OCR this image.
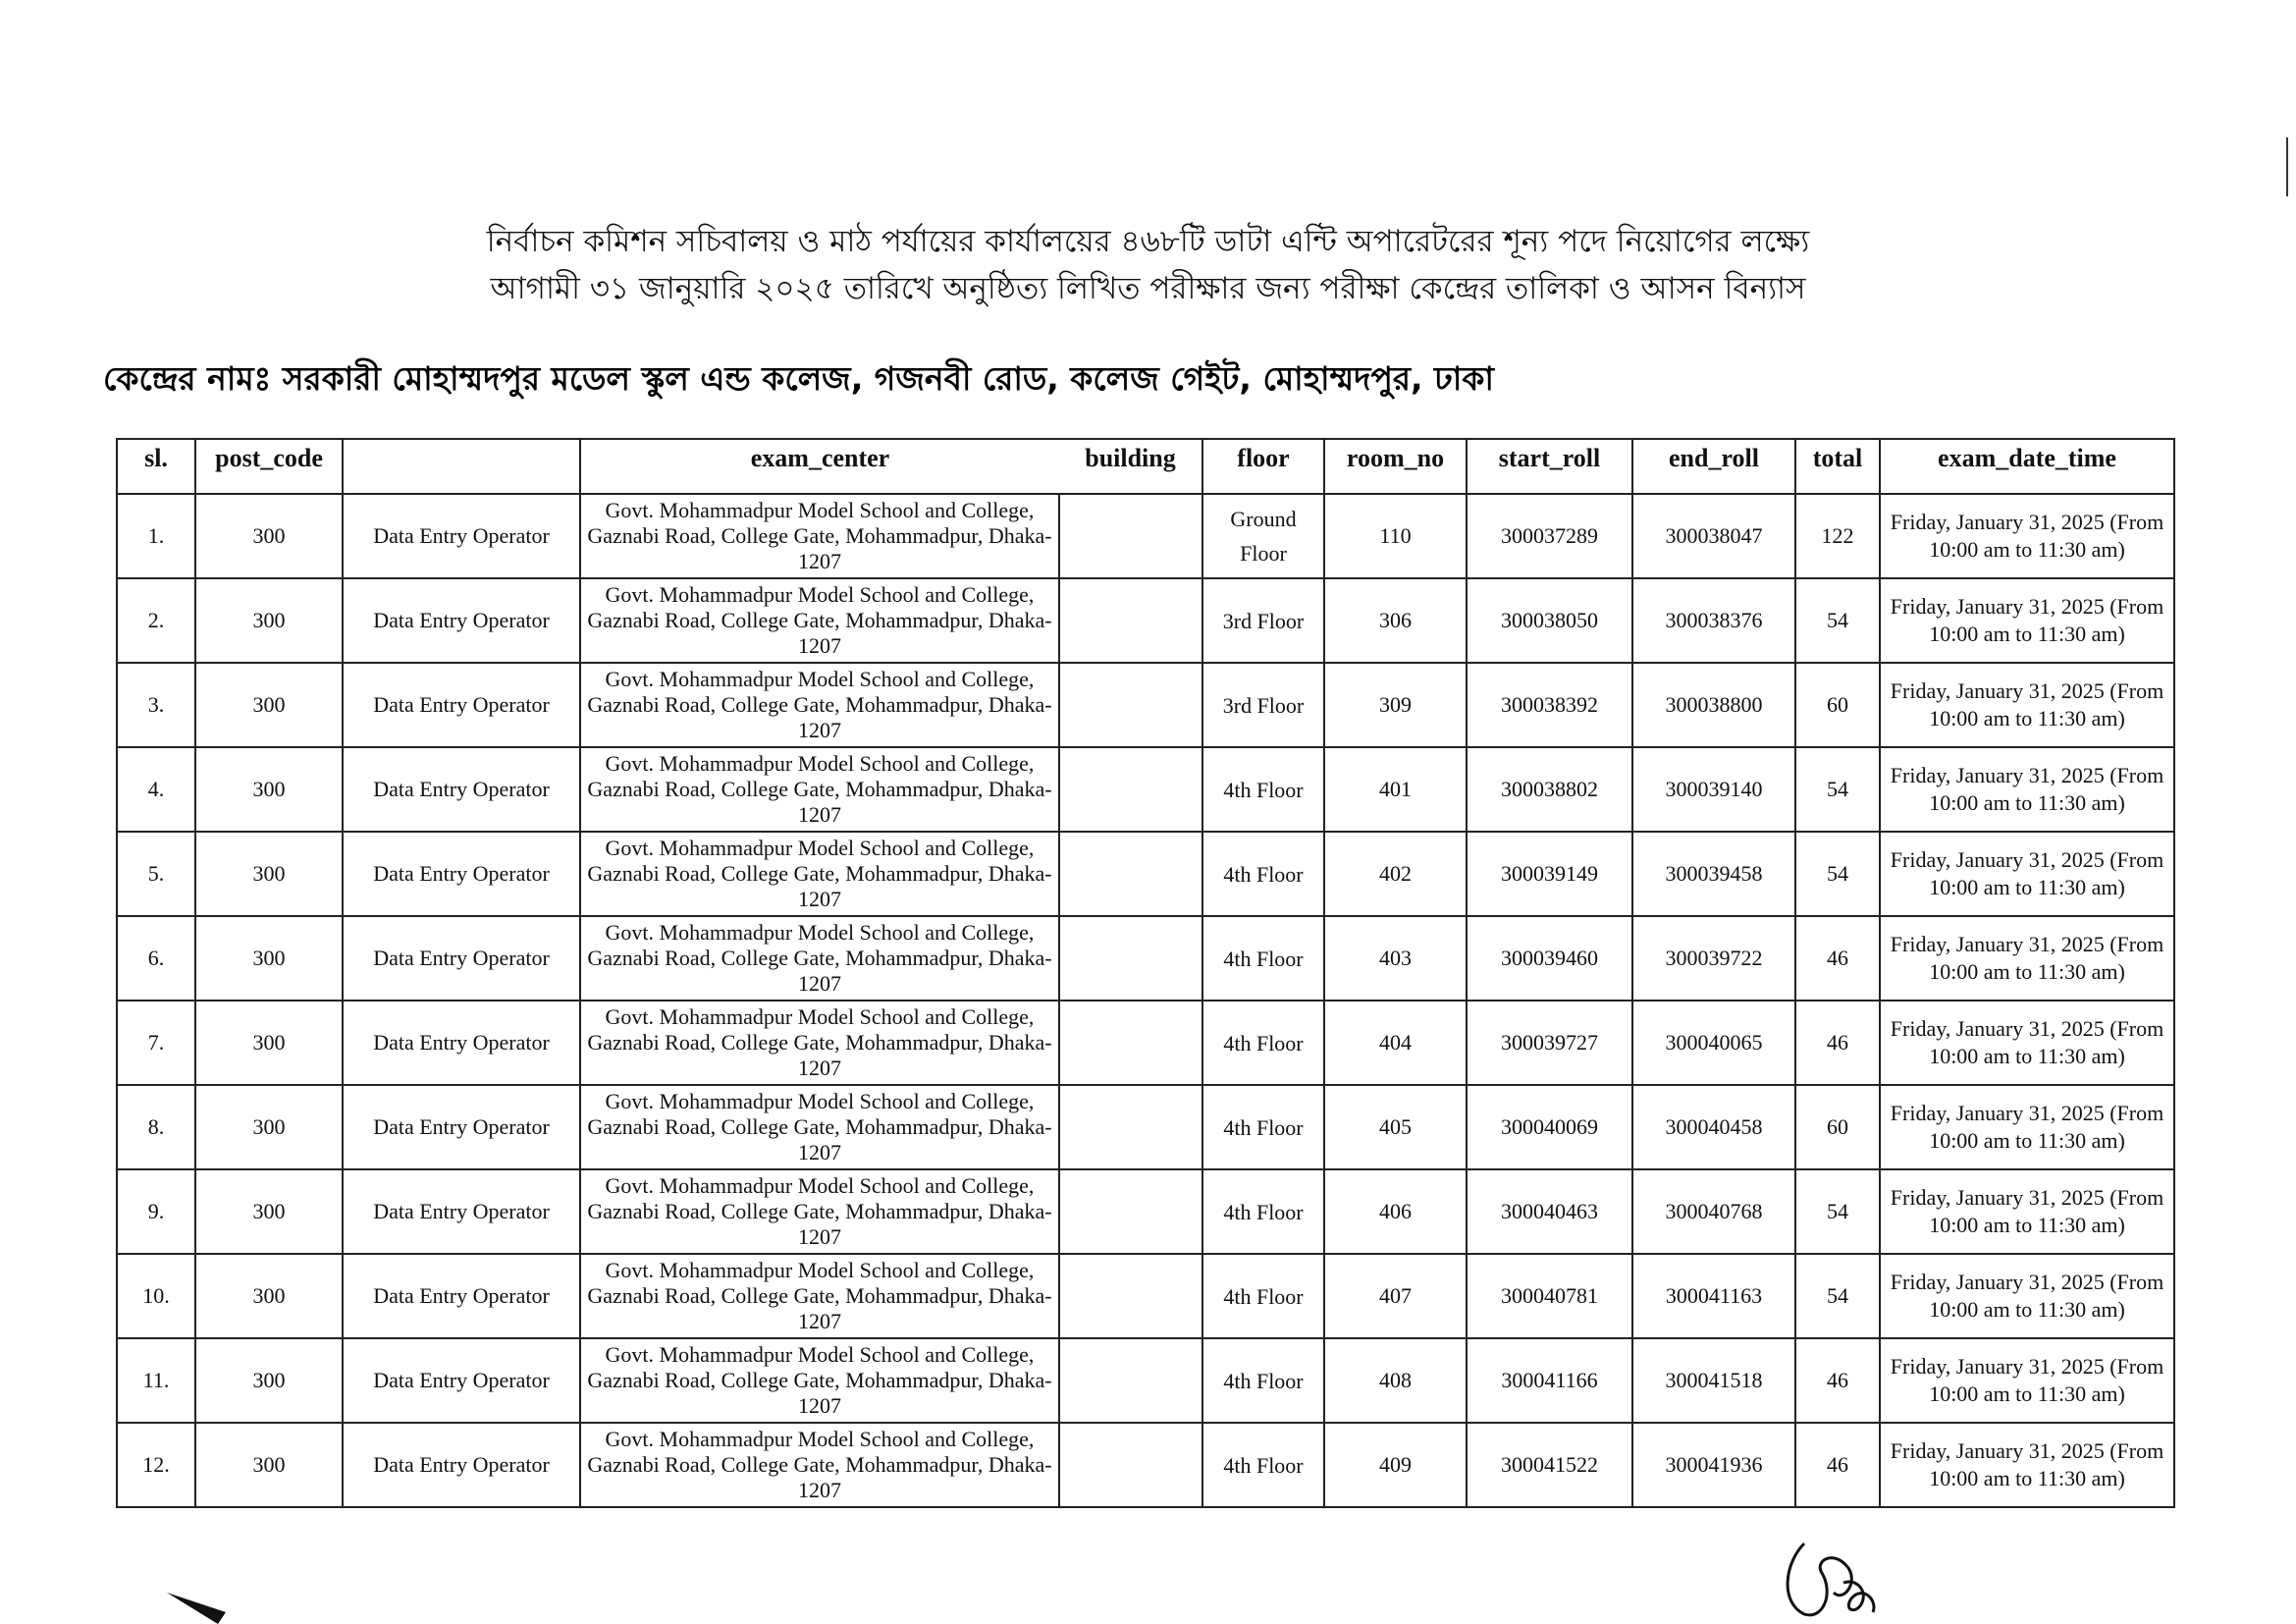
নির্বাচন কমিশন সচিবালয় ও মাঠ পর্যায়ের কার্যালয়ের ৪৬৮টি ডাটা এন্টি অপারেটরের শূন্য পদে নিয়োগের লক্ষ্যে
আগামী ৩১ জানুয়ারি ২০২৫ তারিখে অনুষ্ঠিত্য লিখিত পরীক্ষার জন্য পরীক্ষা কেন্দ্রের তালিকা ও আসন বিন্যাস
কেন্দ্রের নামঃ সরকারী মোহাম্মদপুর মডেল স্কুল এন্ড কলেজ, গজনবী রোড, কলেজ গেইট, মোহাম্মদপুর, ঢাকা
sl.	post_code		exam_center	building	floor	room_no	start_roll	end_roll	total	exam_date_time
1.	300	Data Entry Operator	Govt. Mohammadpur Model School and College, Gaznabi Road, College Gate, Mohammadpur, Dhaka-1207		Ground Floor	110	300037289	300038047	122	Friday, January 31, 2025 (From 10:00 am to 11:30 am)
2.	300	Data Entry Operator	Govt. Mohammadpur Model School and College, Gaznabi Road, College Gate, Mohammadpur, Dhaka-1207		3rd Floor	306	300038050	300038376	54	Friday, January 31, 2025 (From 10:00 am to 11:30 am)
3.	300	Data Entry Operator	Govt. Mohammadpur Model School and College, Gaznabi Road, College Gate, Mohammadpur, Dhaka-1207		3rd Floor	309	300038392	300038800	60	Friday, January 31, 2025 (From 10:00 am to 11:30 am)
4.	300	Data Entry Operator	Govt. Mohammadpur Model School and College, Gaznabi Road, College Gate, Mohammadpur, Dhaka-1207		4th Floor	401	300038802	300039140	54	Friday, January 31, 2025 (From 10:00 am to 11:30 am)
5.	300	Data Entry Operator	Govt. Mohammadpur Model School and College, Gaznabi Road, College Gate, Mohammadpur, Dhaka-1207		4th Floor	402	300039149	300039458	54	Friday, January 31, 2025 (From 10:00 am to 11:30 am)
6.	300	Data Entry Operator	Govt. Mohammadpur Model School and College, Gaznabi Road, College Gate, Mohammadpur, Dhaka-1207		4th Floor	403	300039460	300039722	46	Friday, January 31, 2025 (From 10:00 am to 11:30 am)
7.	300	Data Entry Operator	Govt. Mohammadpur Model School and College, Gaznabi Road, College Gate, Mohammadpur, Dhaka-1207		4th Floor	404	300039727	300040065	46	Friday, January 31, 2025 (From 10:00 am to 11:30 am)
8.	300	Data Entry Operator	Govt. Mohammadpur Model School and College, Gaznabi Road, College Gate, Mohammadpur, Dhaka-1207		4th Floor	405	300040069	300040458	60	Friday, January 31, 2025 (From 10:00 am to 11:30 am)
9.	300	Data Entry Operator	Govt. Mohammadpur Model School and College, Gaznabi Road, College Gate, Mohammadpur, Dhaka-1207		4th Floor	406	300040463	300040768	54	Friday, January 31, 2025 (From 10:00 am to 11:30 am)
10.	300	Data Entry Operator	Govt. Mohammadpur Model School and College, Gaznabi Road, College Gate, Mohammadpur, Dhaka-1207		4th Floor	407	300040781	300041163	54	Friday, January 31, 2025 (From 10:00 am to 11:30 am)
11.	300	Data Entry Operator	Govt. Mohammadpur Model School and College, Gaznabi Road, College Gate, Mohammadpur, Dhaka-1207		4th Floor	408	300041166	300041518	46	Friday, January 31, 2025 (From 10:00 am to 11:30 am)
12.	300	Data Entry Operator	Govt. Mohammadpur Model School and College, Gaznabi Road, College Gate, Mohammadpur, Dhaka-1207		4th Floor	409	300041522	300041936	46	Friday, January 31, 2025 (From 10:00 am to 11:30 am)
